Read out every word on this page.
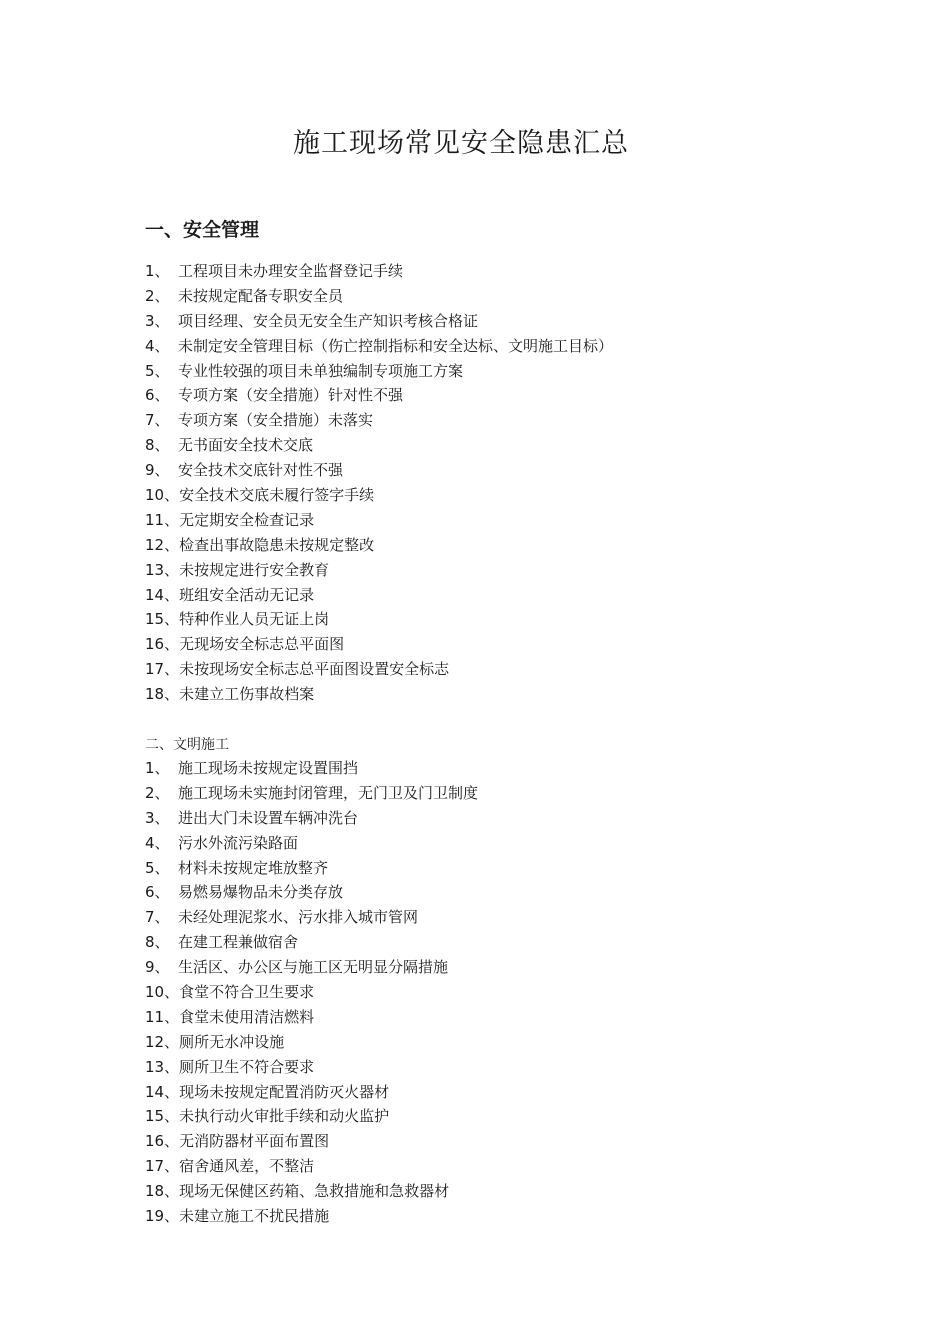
施工现场常见安全隐患汇总
一、安全管理
1、 工程项目未办理安全监督登记手续
2、 未按规定配备专职安全员
3、 项目经理、安全员无安全生产知识考核合格证
4、 未制定安全管理目标（伤亡控制指标和安全达标、文明施工目标）
5、 专业性较强的项目未单独编制专项施工方案
6、 专项方案（安全措施）针对性不强
7、 专项方案（安全措施）未落实
8、 无书面安全技术交底
9、 安全技术交底针对性不强
10、 安全技术交底未履行签字手续
11、 无定期安全检查记录
12、 检查出事故隐患未按规定整改
13、 未按规定进行安全教育
14、 班组安全活动无记录
15、 特种作业人员无证上岗
16、 无现场安全标志总平面图
17、 未按现场安全标志总平面图设置安全标志
18、 未建立工伤事故档案
二、文明施工
1、 施工现场未按规定设置围挡
2、 施工现场未实施封闭管理，无门卫及门卫制度
3、 进出大门未设置车辆冲洗台
4、 污水外流污染路面
5、 材料未按规定堆放整齐
6、 易燃易爆物品未分类存放
7、 未经处理泥浆水、污水排入城市管网
8、 在建工程兼做宿舍
9、 生活区、办公区与施工区无明显分隔措施
10、 食堂不符合卫生要求
11、 食堂未使用清洁燃料
12、 厕所无水冲设施
13、 厕所卫生不符合要求
14、 现场未按规定配置消防灭火器材
15、 未执行动火审批手续和动火监护
16、 无消防器材平面布置图
17、 宿舍通风差，不整洁
18、 现场无保健区药箱、急救措施和急救器材
19、 未建立施工不扰民措施
